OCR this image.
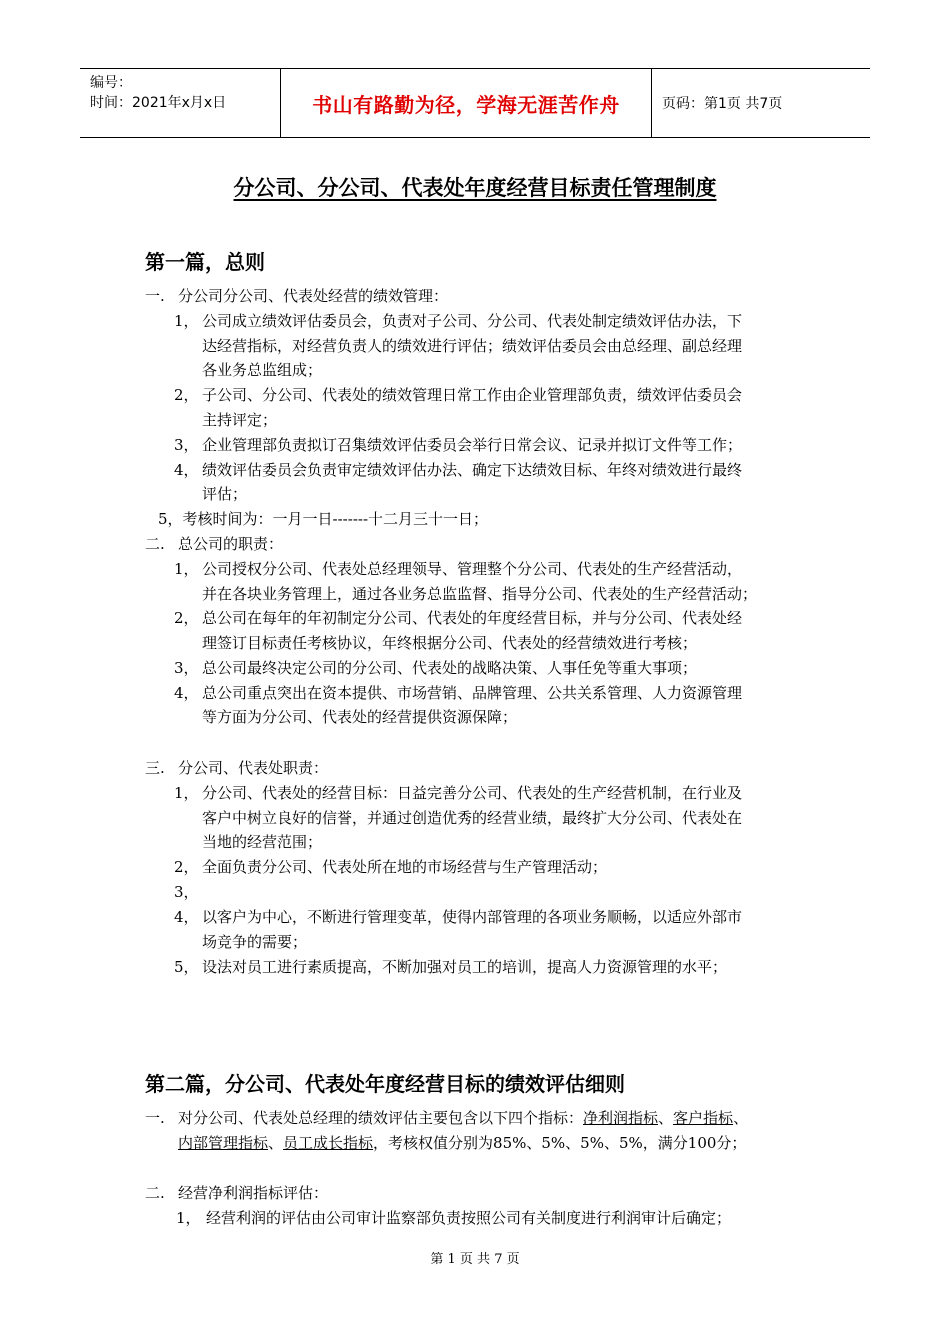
编号：
时间：2021年x月x日	书山有路勤为径，学海无涯苦作舟	页码：第1页 共7页
分公司、分公司、代表处年度经营目标责任管理制度
第一篇，总则
一. 分公司分公司、代表处经营的绩效管理：
1， 公司成立绩效评估委员会，负责对子公司、分公司、代表处制定绩效评估办法，下
达经营指标，对经营负责人的绩效进行评估；绩效评估委员会由总经理、副总经理
各业务总监组成；
2， 子公司、分公司、代表处的绩效管理日常工作由企业管理部负责，绩效评估委员会
主持评定；
3， 企业管理部负责拟订召集绩效评估委员会举行日常会议、记录并拟订文件等工作；
4， 绩效评估委员会负责审定绩效评估办法、确定下达绩效目标、年终对绩效进行最终
评估；
5，考核时间为：一月一日-------十二月三十一日；
二. 总公司的职责：
1， 公司授权分公司、代表处总经理领导、管理整个分公司、代表处的生产经营活动，
并在各块业务管理上，通过各业务总监监督、指导分公司、代表处的生产经营活动；
2， 总公司在每年的年初制定分公司、代表处的年度经营目标，并与分公司、代表处经
理签订目标责任考核协议，年终根据分公司、代表处的经营绩效进行考核；
3， 总公司最终决定公司的分公司、代表处的战略决策、人事任免等重大事项；
4， 总公司重点突出在资本提供、市场营销、品牌管理、公共关系管理、人力资源管理
等方面为分公司、代表处的经营提供资源保障；
三. 分公司、代表处职责：
1， 分公司、代表处的经营目标：日益完善分公司、代表处的生产经营机制，在行业及
客户中树立良好的信誉，并通过创造优秀的经营业绩，最终扩大分公司、代表处在
当地的经营范围；
2， 全面负责分公司、代表处所在地的市场经营与生产管理活动；
3，
4， 以客户为中心，不断进行管理变革，使得内部管理的各项业务顺畅，以适应外部市
场竞争的需要；
5， 设法对员工进行素质提高，不断加强对员工的培训，提高人力资源管理的水平；
第二篇，分公司、代表处年度经营目标的绩效评估细则
一. 对分公司、代表处总经理的绩效评估主要包含以下四个指标：净利润指标、客户指标、
内部管理指标、员工成长指标，考核权值分别为85%、5%、5%、5%，满分100分；
二. 经营净利润指标评估：
1， 经营利润的评估由公司审计监察部负责按照公司有关制度进行利润审计后确定；
第 1 页 共 7 页
